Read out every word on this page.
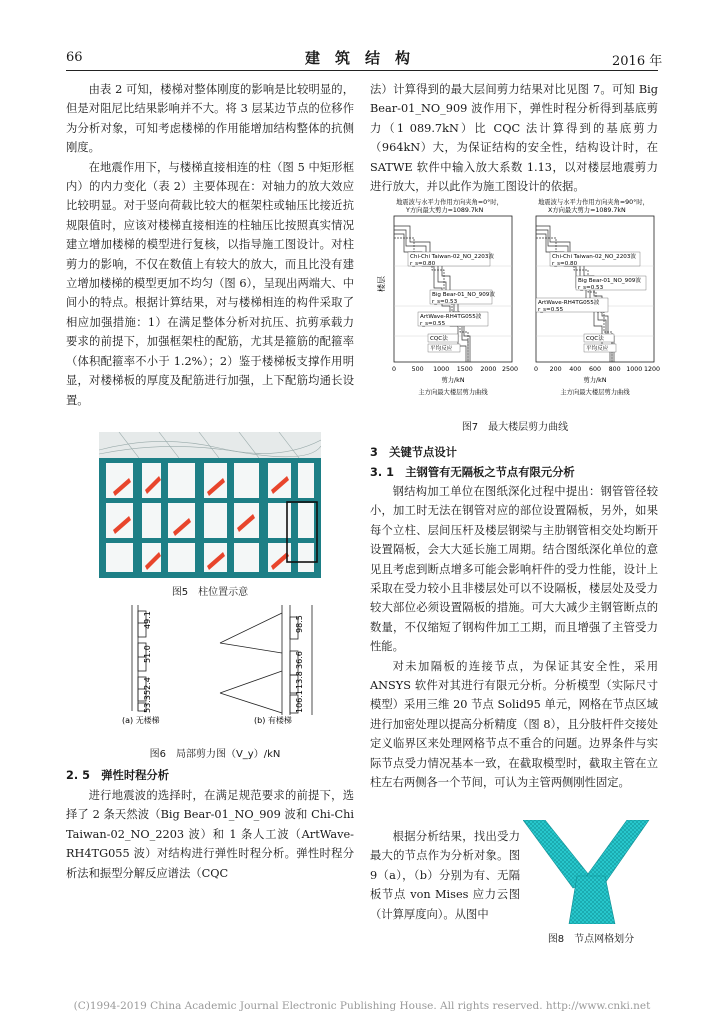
66	建　筑　结　构	2016 年

由表 2 可知，楼梯对整体刚度的影响是比较明显的，但是对阻尼比结果影响并不大。将 3 层某边节点的位移作为分析对象，可知考虑楼梯的作用能增加结构整体的抗侧刚度。

在地震作用下，与楼梯直接相连的柱（图 5 中矩形框内）的内力变化（表 2）主要体现在：对轴力的放大效应比较明显。对于竖向荷载比较大的框架柱或轴压比接近抗规限值时，应该对楼梯直接相连的柱轴压比按照真实情况建立增加楼梯的模型进行复核，以指导施工图设计。对柱剪力的影响，不仅在数值上有较大的放大，而且比没有建立增加楼梯的模型更加不均匀（图 6），呈现出两端大、中间小的特点。根据计算结果，对与楼梯相连的构件采取了相应加强措施：1）在满足整体分析对抗压、抗剪承载力要求的前提下，加强框架柱的配筋，尤其是箍筋的配箍率（体积配箍率不小于 1.2%）；2）鉴于楼梯板支撑作用明显，对楼梯板的厚度及配筋进行加强，上下配筋均通长设置。

图5　柱位置示意
49.1
51.0
52.4
53.3
98.5
36.6
13.8
106.1
(a) 无楼梯	(b) 有楼梯
图6　局部剪力图（V_y）/kN
2. 5　弹性时程分析

进行地震波的选择时，在满足规范要求的前提下，选择了 2 条天然波（Big Bear-01_NO_909 波和 Chi-Chi Taiwan-02_NO_2203 波）和 1 条人工波（ArtWave-RH4TG055 波）对结构进行弹性时程分析。弹性时程分析法和振型分解反应谱法（CQC

法）计算得到的最大层间剪力结果对比见图 7。可知 Big Bear-01_NO_909 波作用下，弹性时程分析得到基底剪力（1 089.7kN）比 CQC 法计算得到的基底剪力（964kN）大，为保证结构的安全性，结构设计时，在 SATWE 软件中输入放大系数 1.13，以对楼层地震剪力进行放大，并以此作为施工图设计的依据。

地震波与水平力作用方向夹角=0°时，
Y方向最大剪力=1089.7kN
楼层
Chi-Chi Taiwan-02_NO_2203波
r_s=0.80
Big Bear-01_NO_909波
r_s=0.53
ArtWave-RH4TG055波
r_s=0.55
CQC法
平均反应
0 500 1000 1500 2000 2500
剪力/kN
主方向最大楼层剪力曲线
地震波与水平力作用方向夹角=90°时，
X方向最大剪力=1089.7kN
Chi-Chi Taiwan-02_NO_2203波
r_s=0.80
Big Bear-01_NO_909波
r_s=0.53
ArtWave-RH4TG055波
r_s=0.55
CQC法
平均反应
0 200 400 600 800 1000 1200
剪力/kN
主方向最大楼层剪力曲线
图7　最大楼层剪力曲线
3　关键节点设计
3. 1　主钢管有无隔板之节点有限元分析

钢结构加工单位在图纸深化过程中提出：钢管管径较小，加工时无法在钢管对应的部位设置隔板，另外，如果每个立柱、层间压杆及楼层钢梁与主肋钢管相交处均断开设置隔板，会大大延长施工周期。结合图纸深化单位的意见且考虑到断点增多可能会影响杆件的受力性能，设计上采取在受力较小且非楼层处可以不设隔板，楼层处及受力较大部位必须设置隔板的措施。可大大减少主钢管断点的数量，不仅缩短了钢构件加工工期，而且增强了主管受力性能。

对未加隔板的连接节点，为保证其安全性，采用 ANSYS 软件对其进行有限元分析。分析模型（实际尺寸模型）采用三维 20 节点 Solid95 单元，网格在节点区域进行加密处理以提高分析精度（图 8），且分肢杆件交接处定义临界区来处理网格节点不重合的问题。边界条件与实际节点受力情况基本一致，在截取模型时，截取主管在立柱左右两侧各一个节间，可认为主管两侧刚性固定。

根据分析结果，找出受力最大的节点作为分析对象。图 9（a），（b）分别为有、无隔板节点 von Mises 应力云图（计算厚度向）。从图中

图8　节点网格划分
(C)1994-2019 China Academic Journal Electronic Publishing House. All rights reserved. http://www.cnki.net
